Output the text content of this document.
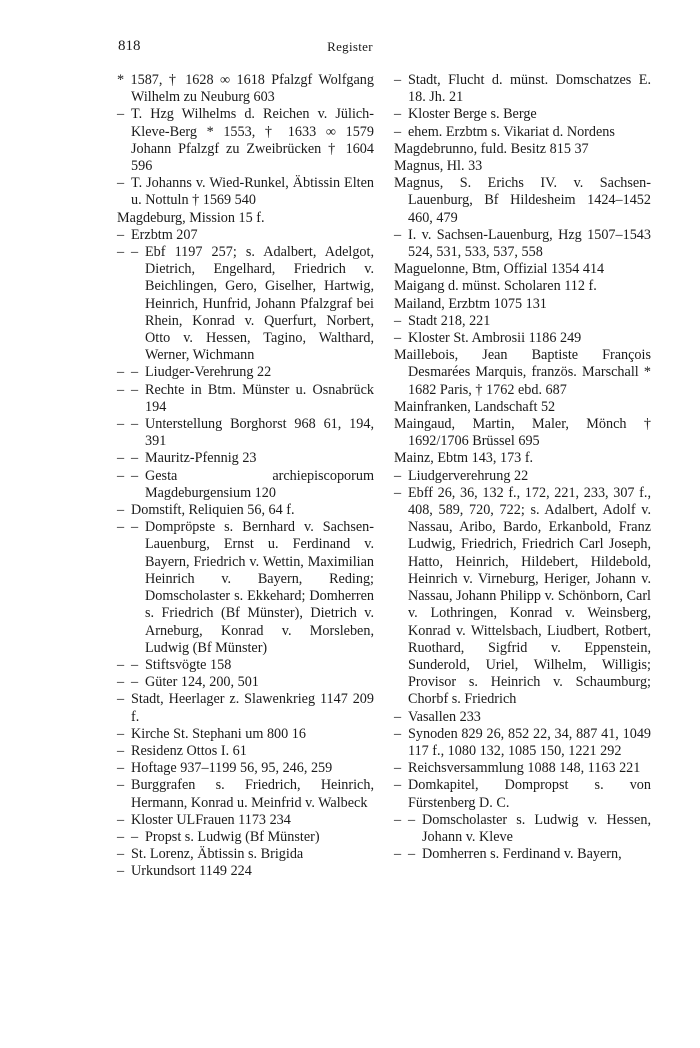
818	Register
* 1587, † 1628 ∞ 1618 Pfalzgf Wolfgang Wilhelm zu Neuburg 603
– T. Hzg Wilhelms d. Reichen v. Jülich-Kleve-Berg * 1553, † 1633 ∞ 1579 Johann Pfalzgf zu Zweibrücken † 1604 596
– T. Johanns v. Wied-Runkel, Äbtissin Elten u. Nottuln † 1569 540
Magdeburg, Mission 15 f.
– Erzbtm 207
– – Ebf 1197 257; s. Adalbert, Adelgot, Dietrich, Engelhard, Friedrich v. Beichlingen, Gero, Giselher, Hartwig, Heinrich, Hunfrid, Johann Pfalzgraf bei Rhein, Konrad v. Querfurt, Norbert, Otto v. Hessen, Tagino, Walthard, Werner, Wichmann
– – Liudger-Verehrung 22
– – Rechte in Btm. Münster u. Osnabrück 194
– – Unterstellung Borghorst 968 61, 194, 391
– – Mauritz-Pfennig 23
– – Gesta archiepiscoporum Magdeburgensium 120
– Domstift, Reliquien 56, 64 f.
– – Dompröpste s. Bernhard v. Sachsen-Lauenburg, Ernst u. Ferdinand v. Bayern, Friedrich v. Wettin, Maximilian Heinrich v. Bayern, Reding; Domscholaster s. Ekkehard; Domherren s. Friedrich (Bf Münster), Dietrich v. Arneburg, Konrad v. Morsleben, Ludwig (Bf Münster)
– – Stiftsvögte 158
– – Güter 124, 200, 501
– Stadt, Heerlager z. Slawenkrieg 1147 209 f.
– Kirche St. Stephani um 800 16
– Residenz Ottos I. 61
– Hoftage 937–1199 56, 95, 246, 259
– Burggrafen s. Friedrich, Heinrich, Hermann, Konrad u. Meinfrid v. Walbeck
– Kloster ULFrauen 1173 234
– – Propst s. Ludwig (Bf Münster)
– St. Lorenz, Äbtissin s. Brigida
– Urkundsort 1149 224
– Stadt, Flucht d. münst. Domschatzes E. 18. Jh. 21
– Kloster Berge s. Berge
– ehem. Erzbtm s. Vikariat d. Nordens
Magdebrunno, fuld. Besitz 815 37
Magnus, Hl. 33
Magnus, S. Erichs IV. v. Sachsen-Lauenburg, Bf Hildesheim 1424–1452 460, 479
– I. v. Sachsen-Lauenburg, Hzg 1507–1543 524, 531, 533, 537, 558
Maguelonne, Btm, Offizial 1354 414
Maigang d. münst. Scholaren 112 f.
Mailand, Erzbtm 1075 131
– Stadt 218, 221
– Kloster St. Ambrosii 1186 249
Maillebois, Jean Baptiste François Desmarées Marquis, französ. Marschall * 1682 Paris, † 1762 ebd. 687
Mainfranken, Landschaft 52
Maingaud, Martin, Maler, Mönch † 1692/1706 Brüssel 695
Mainz, Ebtm 143, 173 f.
– Liudgerverehrung 22
– Ebff 26, 36, 132 f., 172, 221, 233, 307 f., 408, 589, 720, 722; s. Adalbert, Adolf v. Nassau, Aribo, Bardo, Erkanbold, Franz Ludwig, Friedrich, Friedrich Carl Joseph, Hatto, Heinrich, Hildebert, Hildebold, Heinrich v. Virneburg, Heriger, Johann v. Nassau, Johann Philipp v. Schönborn, Carl v. Lothringen, Konrad v. Weinsberg, Konrad v. Wittelsbach, Liudbert, Rotbert, Ruothard, Sigfrid v. Eppenstein, Sunderold, Uriel, Wilhelm, Willigis; Provisor s. Heinrich v. Schaumburg; Chorbf s. Friedrich
– Vasallen 233
– Synoden 829 26, 852 22, 34, 887 41, 1049 117 f., 1080 132, 1085 150, 1221 292
– Reichsversammlung 1088 148, 1163 221
– Domkapitel, Dompropst s. von Fürstenberg D. C.
– – Domscholaster s. Ludwig v. Hessen, Johann v. Kleve
– – Domherren s. Ferdinand v. Bayern,
